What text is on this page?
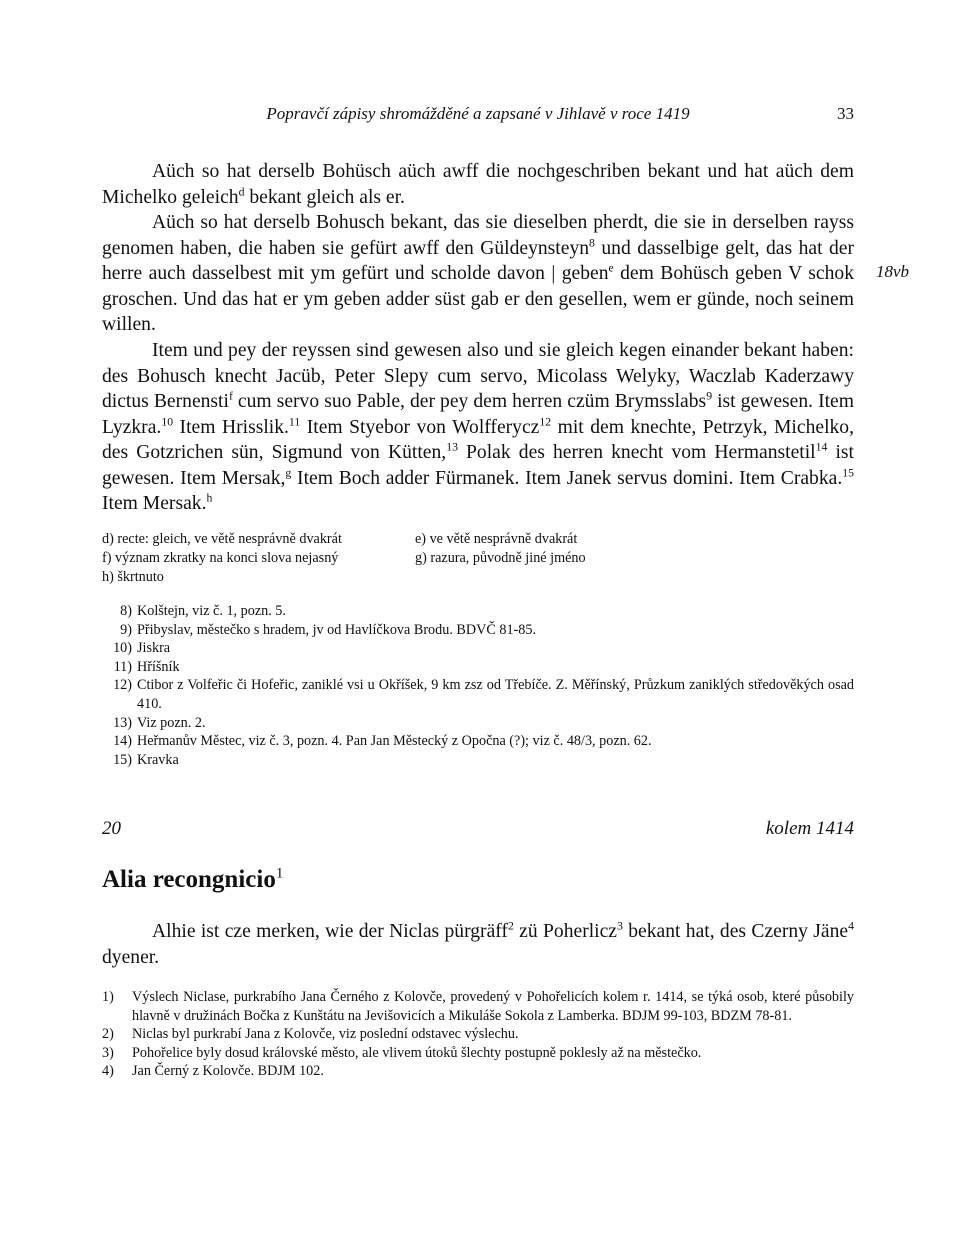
Popravčí zápisy shromážděné a zapsané v Jihlavě v roce 1419	33

Aüch so hat derselb Bohüsch aüch awff die nochgeschriben bekant und hat aüch dem Michelko geleich$^d$ bekant gleich als er.

Aüch so hat derselb Bohusch bekant, das sie dieselben pherdt, die sie in derselben rayss genomen haben, die haben sie gefürt awff den Güldeynsteyn$^8$ und dasselbige gelt, das hat der herre auch dasselbest mit ym gefürt und scholde davon | geben$^e$ dem Bohüsch geben V schok groschen. Und das hat er ym geben adder süst gab er den gesellen, wem er günde, noch seinem willen.

18vb

Item und pey der reyssen sind gewesen also und sie gleich kegen einander bekant haben: des Bohusch knecht Jacüb, Peter Slepy cum servo, Micolass Welyky, Waczlab Kaderzawy dictus Bernensti$^f$ cum servo suo Pable, der pey dem herren czüm Brymsslabs$^9$ ist gewesen. Item Lyzkra.$^{10}$ Item Hrisslik.$^{11}$ Item Styebor von Wolfferycz$^{12}$ mit dem knechte, Petrzyk, Michelko, des Gotzrichen sün, Sigmund von Kütten,$^{13}$ Polak des herren knecht vom Hermanstetil$^{14}$ ist gewesen. Item Mersak,$^g$ Item Boch adder Fürmanek. Item Janek servus domini. Item Crabka.$^{15}$ Item Mersak.$^h$

d) recte: gleich, ve větě nesprávně dvakrát	e) ve větě nesprávně dvakrát
f) význam zkratky na konci slova nejasný	g) razura, původně jiné jméno
h) škrtnuto
8) Kolštejn, viz č. 1, pozn. 5.
9) Přibyslav, městečko s hradem, jv od Havlíčkova Brodu. BDVČ 81-85.
10) Jiskra
11) Hříšník
12) Ctibor z Volfeřic či Hofeřic, zaniklé vsi u Okříšek, 9 km zsz od Třebíče. Z. Měřínský, Průzkum zaniklých středověkých osad 410.
13) Viz pozn. 2.
14) Heřmanův Městec, viz č. 3, pozn. 4. Pan Jan Městecký z Opočna (?); viz č. 48/3, pozn. 62.
15) Kravka
20	kolem 1414
Alia recongnicio$^1$

Alhie ist cze merken, wie der Niclas pürgräff$^2$ zü Poherlicz$^3$ bekant hat, des Czerny Jäne$^4$ dyener.

1)	Výslech Niclase, purkrabího Jana Černého z Kolovče, provedený v Pohořelicích kolem r. 1414, se týká osob, které působily hlavně v družinách Bočka z Kunštátu na Jevišovicích a Mikuláše Sokola z Lamberka. BDJM 99-103, BDZM 78-81.
2)	Niclas byl purkrabí Jana z Kolovče, viz poslední odstavec výslechu.
3)	Pohořelice byly dosud královské město, ale vlivem útoků šlechty postupně poklesly až na městečko.
4)	Jan Černý z Kolovče. BDJM 102.
